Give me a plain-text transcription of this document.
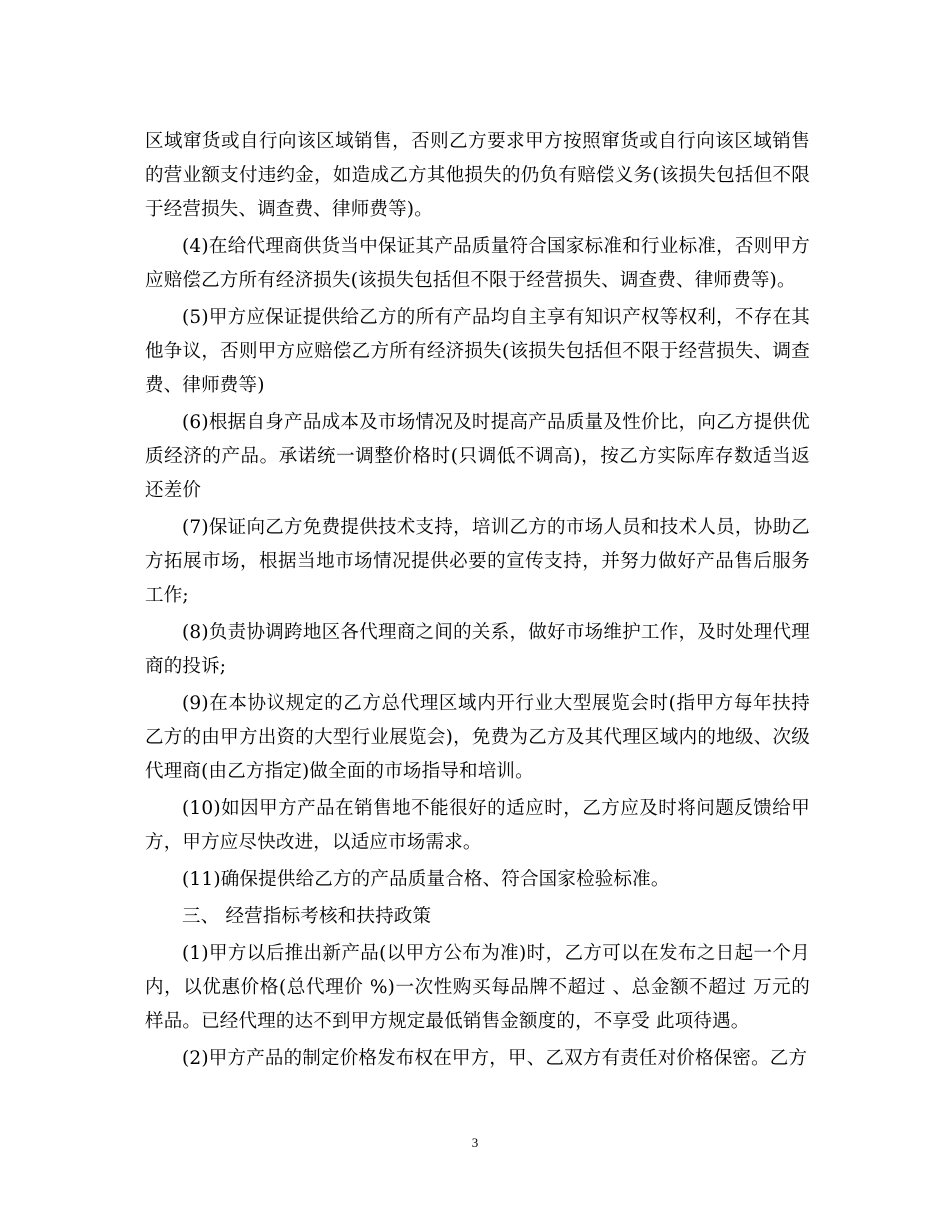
区域窜货或自行向该区域销售，否则乙方要求甲方按照窜货或自行向该区域销售的营业额支付违约金，如造成乙方其他损失的仍负有赔偿义务(该损失包括但不限于经营损失、调查费、律师费等)。

(4)在给代理商供货当中保证其产品质量符合国家标准和行业标准，否则甲方应赔偿乙方所有经济损失(该损失包括但不限于经营损失、调查费、律师费等)。

(5)甲方应保证提供给乙方的所有产品均自主享有知识产权等权利，不存在其他争议，否则甲方应赔偿乙方所有经济损失(该损失包括但不限于经营损失、调查费、律师费等)

(6)根据自身产品成本及市场情况及时提高产品质量及性价比，向乙方提供优质经济的产品。承诺统一调整价格时(只调低不调高)，按乙方实际库存数适当返还差价

(7)保证向乙方免费提供技术支持，培训乙方的市场人员和技术人员，协助乙方拓展市场，根据当地市场情况提供必要的宣传支持，并努力做好产品售后服务工作;

(8)负责协调跨地区各代理商之间的关系，做好市场维护工作，及时处理代理商的投诉;

(9)在本协议规定的乙方总代理区域内开行业大型展览会时(指甲方每年扶持乙方的由甲方出资的大型行业展览会)，免费为乙方及其代理区域内的地级、次级代理商(由乙方指定)做全面的市场指导和培训。

(10)如因甲方产品在销售地不能很好的适应时，乙方应及时将问题反馈给甲方，甲方应尽快改进，以适应市场需求。

(11)确保提供给乙方的产品质量合格、符合国家检验标准。

三、 经营指标考核和扶持政策

(1)甲方以后推出新产品(以甲方公布为准)时，乙方可以在发布之日起一个月内，以优惠价格(总代理价 %)一次性购买每品牌不超过 、总金额不超过 万元的样品。已经代理的达不到甲方规定最低销售金额度的，不享受 此项待遇。

(2)甲方产品的制定价格发布权在甲方，甲、乙双方有责任对价格保密。乙方

3
